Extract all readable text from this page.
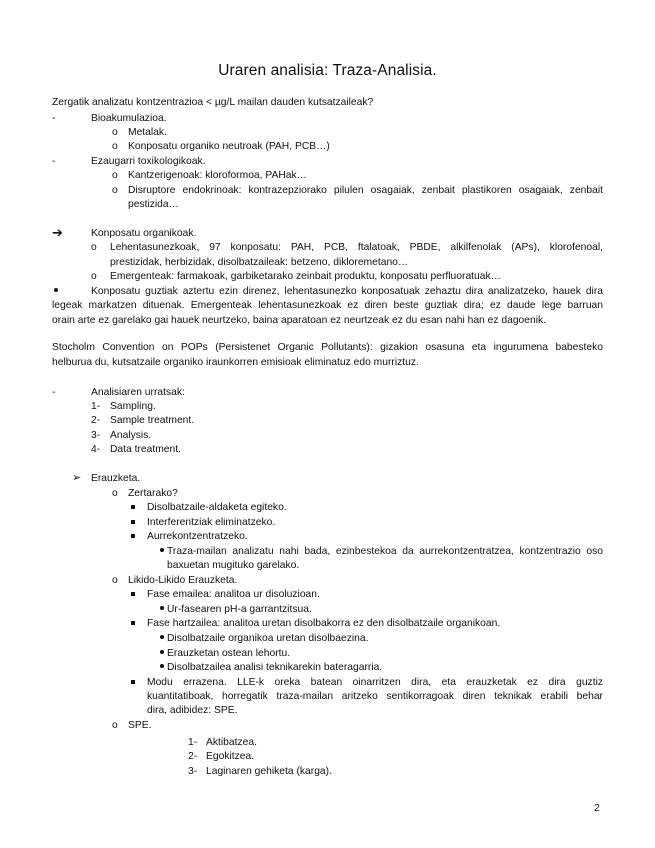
Uraren analisia: Traza-Analisia.
Zergatik analizatu kontzentrazioa < µg/L mailan dauden kutsatzaileak?
-	Bioakumulazioa.
o Metalak.
o Konposatu organiko neutroak (PAH, PCB…)
-	Ezaugarri toxikologikoak.
o Kantzerigenoak: kloroformoa, PAHak…
o Disruptore endokrinoak: kontrazepziorako pilulen osagaiak, zenbait plastikoren osagaiak, zenbait
pestizida…
➔	Konposatu organikoak.
o Lehentasunezkoak, 97 konposatu: PAH, PCB, ftalatoak, PBDE, alkilfenolak (APs), klorofenoal,
prestizidak, herbizidak, disolbatzaileak: betzeno, dikloremetano…
o Emergenteak: farmakoak, garbiketarako zeinbait produktu, konposatu perfluoratuak…
Konposatu guztiak aztertu ezin direnez, lehentasunezko konposatuak zehaztu dira analizatzeko, hauek dira
legeak markatzen dituenak. Emergenteak lehentasunezkoak ez diren beste guztiak dira; ez daude lege barruan
orain arte ez garelako gai hauek neurtzeko, baina aparatoan ez neurtzeak ez du esan nahi han ez dagoenik.
Stocholm Convention on POPs (Persistenet Organic Pollutants): gizakion osasuna eta ingurumena babesteko
helburua du, kutsatzaile organiko iraunkorren emisioak eliminatuz edo murriztuz.
-	Analisiaren urratsak:
1- Sampling.
2- Sample treatment.
3- Analysis.
4- Data treatment.
➢ Erauzketa.
o Zertarako?
Disolbatzaile-aldaketa egiteko.
Interferentziak eliminatzeko.
Aurrekontzentratzeko.
Traza-mailan analizatu nahi bada, ezinbestekoa da aurrekontzentratzea, kontzentrazio oso
baxuetan mugituko garelako.
o Likido-Likido Erauzketa.
Fase emailea: analitoa ur disoluzioan.
Ur-fasearen pH-a garrantzitsua.
Fase hartzailea: analitoa uretan disolbakorra ez den disolbatzaile organikoan.
Disolbatzaile organikoa uretan disolbaezina.
Erauzketan ostean lehortu.
Disolbatzailea analisi teknikarekin bateragarria.
Modu errazena. LLE-k oreka batean oinarritzen dira, eta erauzketak ez dira guztiz
kuantitatiboak, horregatik traza-mailan aritzeko sentikorragoak diren teknikak erabili behar
dira, adibidez: SPE.
o SPE.
1- Aktibatzea.
2- Egokitzea.
3- Laginaren gehiketa (karga).
2
